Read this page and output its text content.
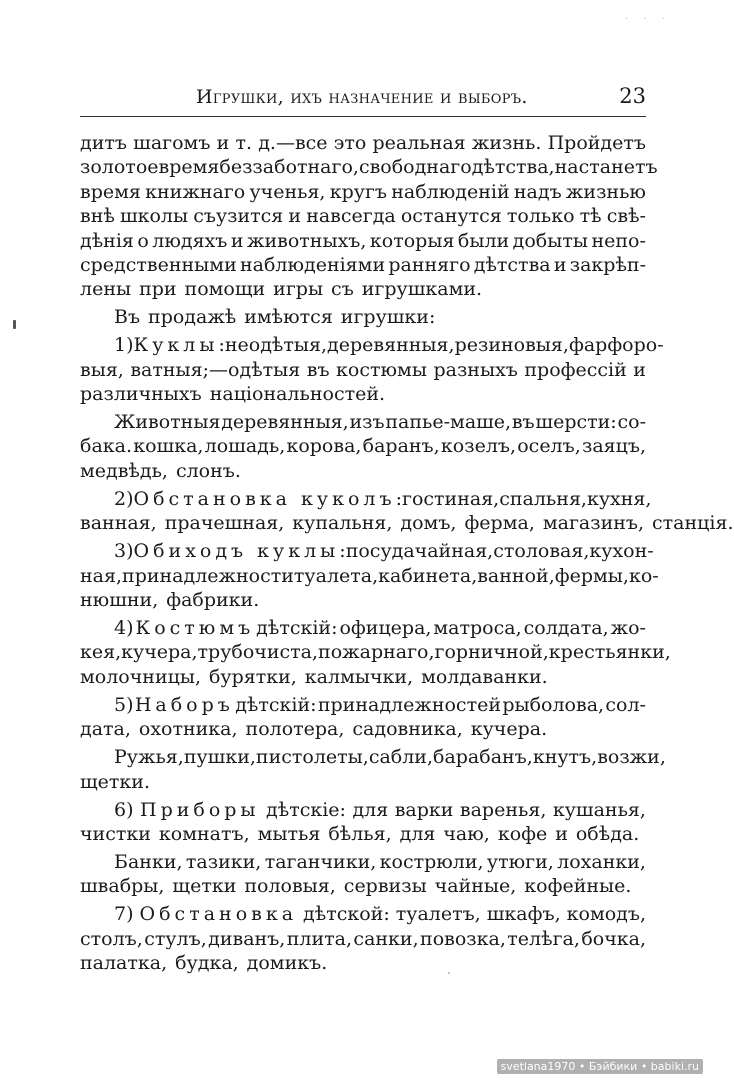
· · ·
Игрушки, ихъ назначение и выборъ.	23
дитъ шагомъ и т. д.—все это реальная жизнь. Пройдетъ
золотое время беззаботнаго, свободнаго дѣтства, настанетъ
время книжнаго ученья, кругъ наблюденій надъ жизнью
внѣ школы съузится и навсегда останутся только тѣ свѣ-
дѣнія о людяхъ и животныхъ, которыя были добыты непо-
средственными наблюденіями ранняго дѣтства и закрѣп-
лены при помощи игры съ игрушками.
Въ продажѣ имѣются игрушки:
1) Куклы: неодѣтыя, деревянныя, резиновыя, фарфоро-
выя, ватныя;—одѣтыя въ костюмы разныхъ профессій и
различныхъ національностей.
Животныя деревянныя, изъ папье-маше, въ шерсти: со-
бака. кошка, лошадь, корова, баранъ, козелъ, оселъ, заяцъ,
медвѣдь, слонъ.
2) Обстановка куколъ: гостиная, спальня, кухня,
ванная, прачешная, купальня, домъ, ферма, магазинъ, станція.
3) Обиходъ куклы: посуда чайная, столовая, кухон-
ная, принадлежности туалета, кабинета, ванной, фермы, ко-
нюшни, фабрики.
4) Костюмъ дѣтскій: офицера, матроса, солдата, жо-
кея, кучера, трубочиста, пожарнаго, горничной, крестьянки,
молочницы, бурятки, калмычки, молдаванки.
5) Наборъ дѣтскій: принадлежностей рыболова, сол-
дата, охотника, полотера, садовника, кучера.
Ружья, пушки, пистолеты, сабли, барабанъ, кнутъ, возжи,
щетки.
6) Приборы дѣтскіе: для варки варенья, кушанья,
чистки комнатъ, мытья бѣлья, для чаю, кофе и обѣда.
Банки, тазики, таганчики, кострюли, утюги, лоханки,
швабры, щетки половыя, сервизы чайные, кофейные.
7) Обстановка дѣтской: туалетъ, шкафъ, комодъ,
столъ, стулъ, диванъ, плита, санки, повозка, телѣга, бочка,
палатка, будка, домикъ.
svetlana1970 • Бэйбики • babiki.ru
